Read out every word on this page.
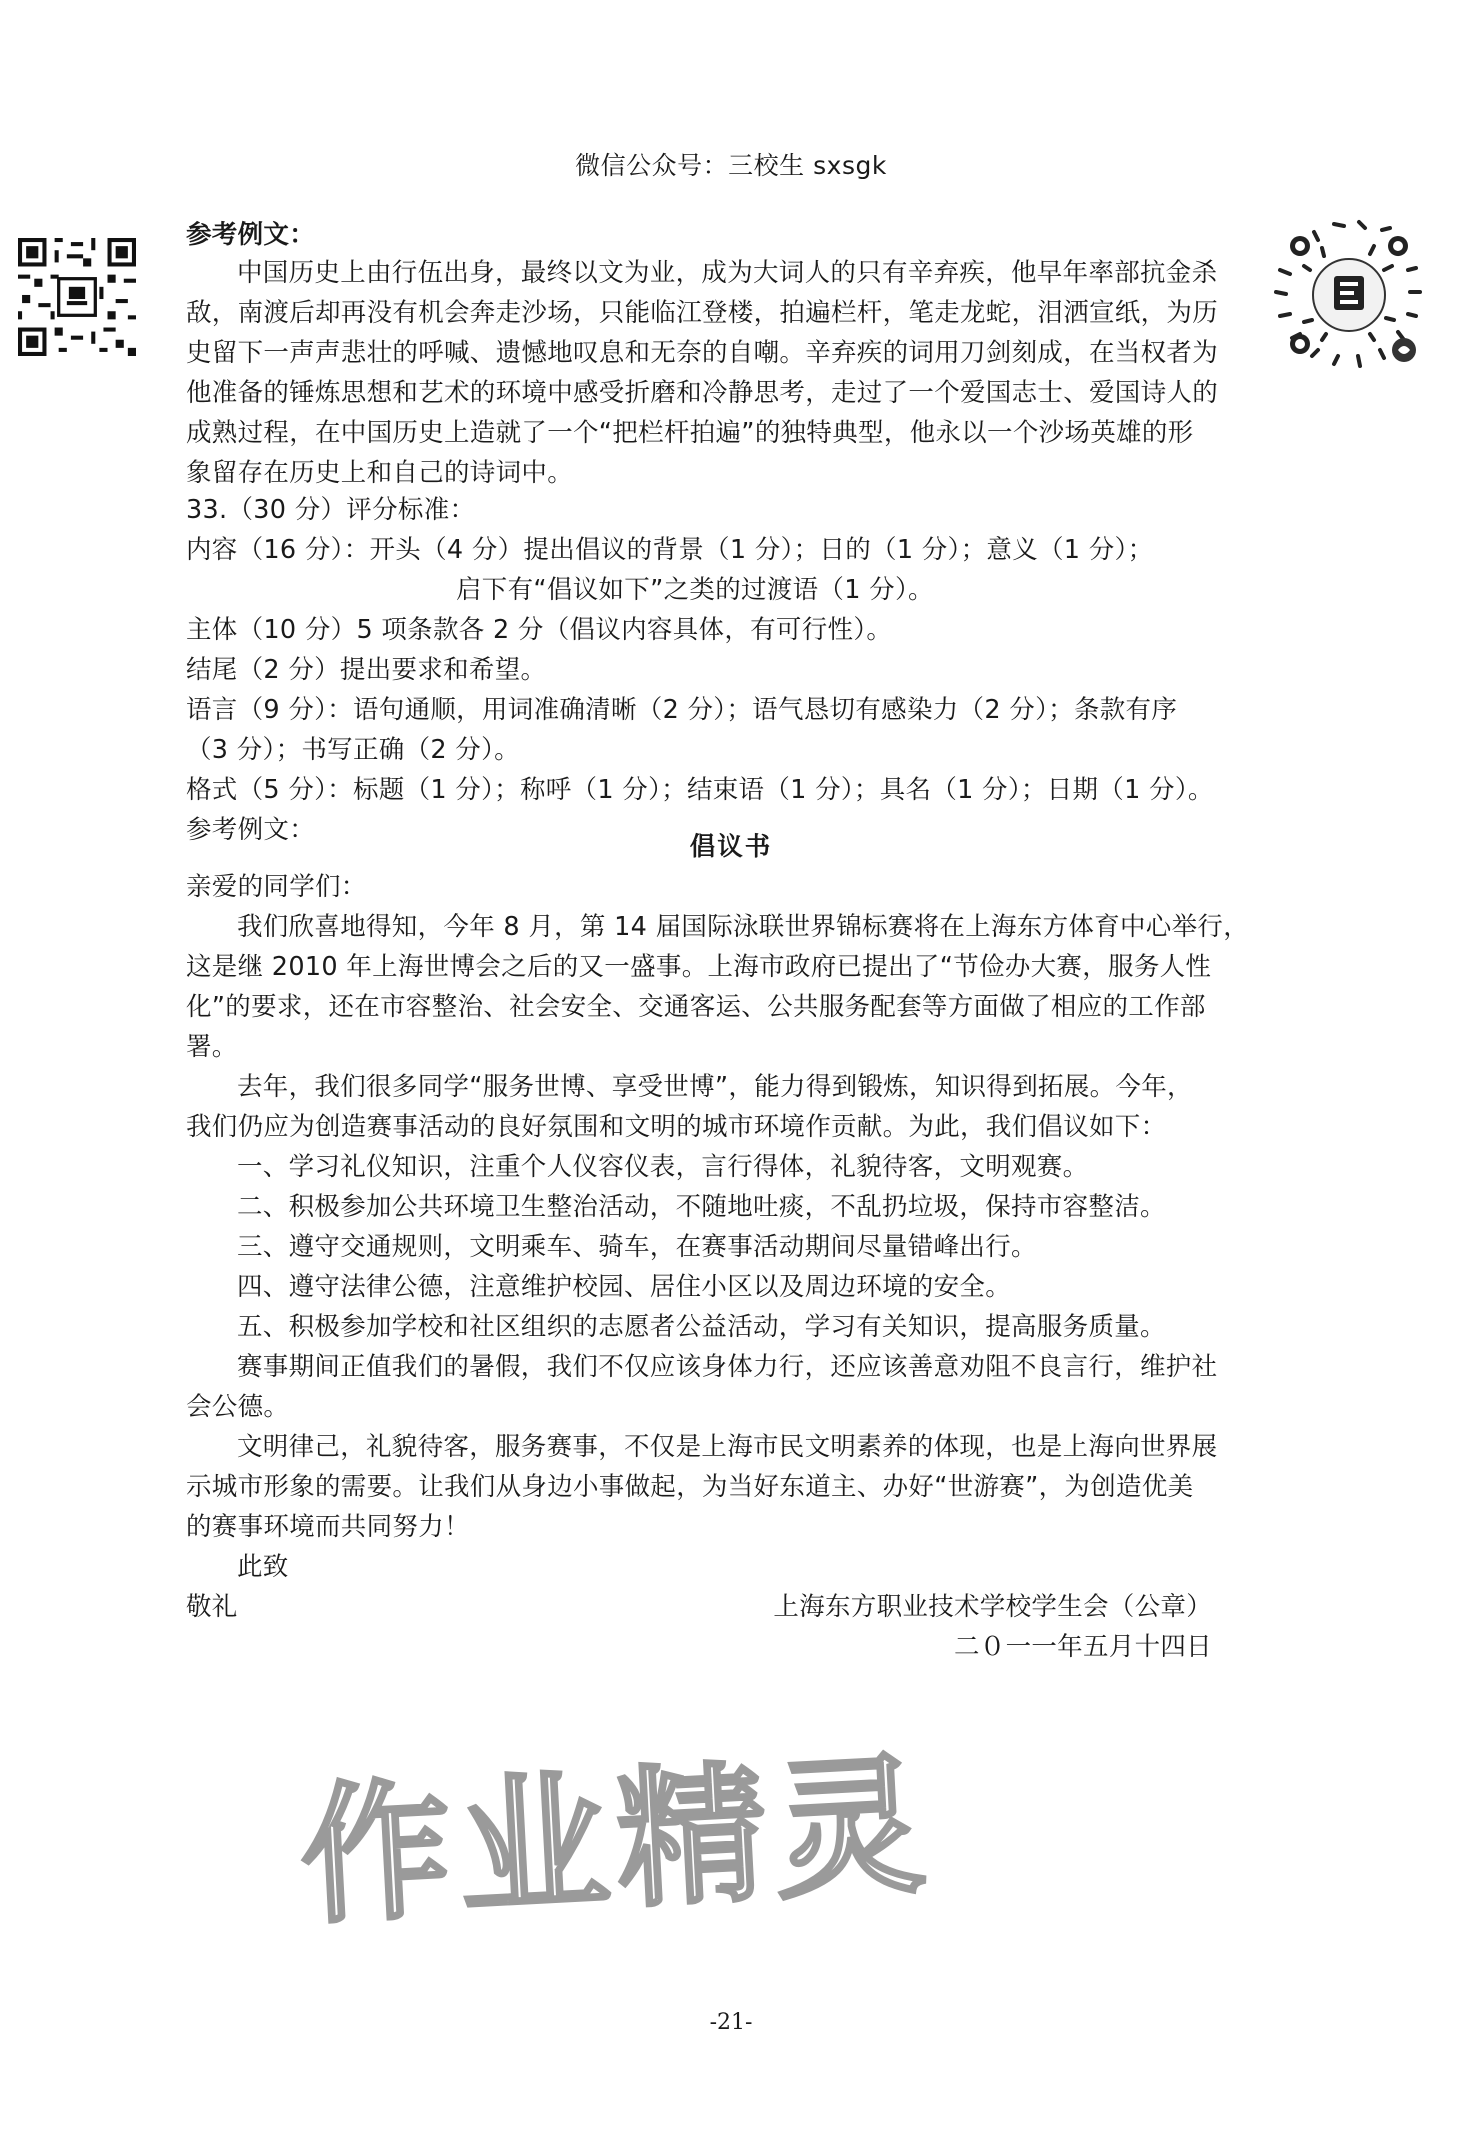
微信公众号：三校生 sxsgk
参考例文：
中国历史上由行伍出身，最终以文为业，成为大词人的只有辛弃疾，他早年率部抗金杀
敌，南渡后却再没有机会奔走沙场，只能临江登楼，拍遍栏杆，笔走龙蛇，泪洒宣纸，为历
史留下一声声悲壮的呼喊、遗憾地叹息和无奈的自嘲。辛弃疾的词用刀剑刻成，在当权者为
他准备的锤炼思想和艺术的环境中感受折磨和冷静思考，走过了一个爱国志士、爱国诗人的
成熟过程，在中国历史上造就了一个“把栏杆拍遍”的独特典型，他永以一个沙场英雄的形
象留存在历史上和自己的诗词中。
33.（30 分）评分标准：
内容（16 分）：开头（4 分）提出倡议的背景（1 分）；日的（1 分）；意义（1 分）；
启下有“倡议如下”之类的过渡语（1 分）。
主体（10 分）5 项条款各 2 分（倡议内容具体，有可行性）。
结尾（2 分）提出要求和希望。
语言（9 分）：语句通顺，用词准确清晰（2 分）；语气恳切有感染力（2 分）；条款有序
（3 分）；书写正确（2 分）。
格式（5 分）：标题（1 分）；称呼（1 分）；结束语（1 分）；具名（1 分）；日期（1 分）。
参考例文：
倡议书
亲爱的同学们：
我们欣喜地得知，今年 8 月，第 14 届国际泳联世界锦标赛将在上海东方体育中心举行，
这是继 2010 年上海世博会之后的又一盛事。上海市政府已提出了“节俭办大赛，服务人性
化”的要求，还在市容整治、社会安全、交通客运、公共服务配套等方面做了相应的工作部
署。
去年，我们很多同学“服务世博、享受世博”，能力得到锻炼，知识得到拓展。今年，
我们仍应为创造赛事活动的良好氛围和文明的城市环境作贡献。为此，我们倡议如下：
一、学习礼仪知识，注重个人仪容仪表，言行得体，礼貌待客，文明观赛。
二、积极参加公共环境卫生整治活动，不随地吐痰，不乱扔垃圾，保持市容整洁。
三、遵守交通规则，文明乘车、骑车，在赛事活动期间尽量错峰出行。
四、遵守法律公德，注意维护校园、居住小区以及周边环境的安全。
五、积极参加学校和社区组织的志愿者公益活动，学习有关知识，提高服务质量。
赛事期间正值我们的暑假，我们不仅应该身体力行，还应该善意劝阻不良言行，维护社
会公德。
文明律己，礼貌待客，服务赛事，不仅是上海市民文明素养的体现，也是上海向世界展
示城市形象的需要。让我们从身边小事做起，为当好东道主、办好“世游赛”，为创造优美
的赛事环境而共同努力！
此致
敬礼	上海东方职业技术学校学生会（公章）
二０一一年五月十四日
作业精灵
-21-
